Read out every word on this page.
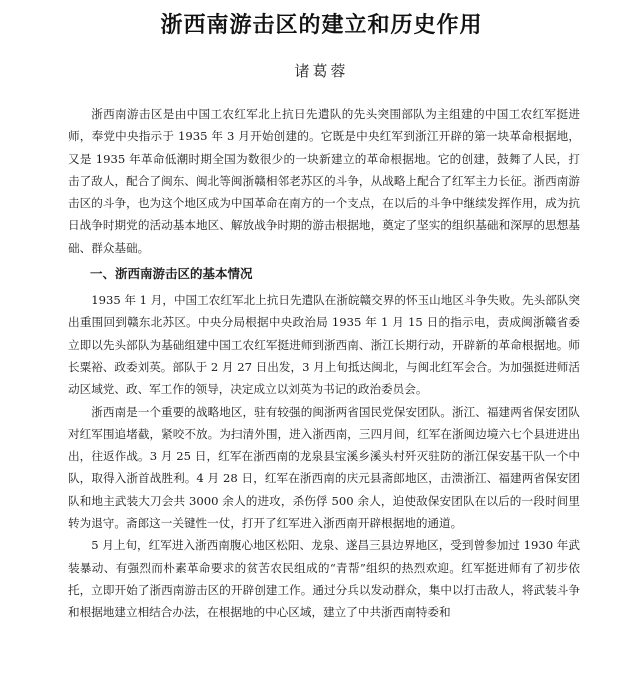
浙西南游击区的建立和历史作用
诸葛蓉

浙西南游击区是由中国工农红军北上抗日先遣队的先头突围部队为主组建的中国工农红军挺进师，奉党中央指示于 1935 年 3 月开始创建的。它既是中央红军到浙江开辟的第一块革命根据地，又是 1935 年革命低潮时期全国为数很少的一块新建立的革命根据地。它的创建，鼓舞了人民，打击了敌人，配合了闽东、闽北等闽浙赣相邻老苏区的斗争，从战略上配合了红军主力长征。浙西南游击区的斗争，也为这个地区成为中国革命在南方的一个支点，在以后的斗争中继续发挥作用，成为抗日战争时期党的活动基本地区、解放战争时期的游击根据地，奠定了坚实的组织基础和深厚的思想基础、群众基础。

一、浙西南游击区的基本情况

1935 年 1 月，中国工农红军北上抗日先遣队在浙皖赣交界的怀玉山地区斗争失败。先头部队突出重围回到赣东北苏区。中央分局根据中央政治局 1935 年 1 月 15 日的指示电，责成闽浙赣省委立即以先头部队为基础组建中国工农红军挺进师到浙西南、浙江长期行动，开辟新的革命根据地。师长粟裕、政委刘英。部队于 2 月 27 日出发，3 月上旬抵达闽北，与闽北红军会合。为加强挺进师活动区域党、政、军工作的领导，决定成立以刘英为书记的政治委员会。

浙西南是一个重要的战略地区，驻有较强的闽浙两省国民党保安团队。浙江、福建两省保安团队对红军围追堵截，紧咬不放。为扫清外围，进入浙西南，三四月间，红军在浙闽边境六七个县进进出出，往返作战。3 月 25 日，红军在浙西南的龙泉县宝溪乡溪头村歼灭驻防的浙江保安基干队一个中队，取得入浙首战胜利。4 月 28 日，红军在浙西南的庆元县斋郎地区，击溃浙江、福建两省保安团队和地主武装大刀会共 3000 余人的进攻，杀伤俘 500 余人，迫使敌保安团队在以后的一段时间里转为退守。斋郎这一关键性一仗，打开了红军进入浙西南开辟根据地的通道。

5 月上旬，红军进入浙西南腹心地区松阳、龙泉、遂昌三县边界地区，受到曾参加过 1930 年武装暴动、有强烈而朴素革命要求的贫苦农民组成的“青帮”组织的热烈欢迎。红军挺进师有了初步依托，立即开始了浙西南游击区的开辟创建工作。通过分兵以发动群众，集中以打击敌人，将武装斗争和根据地建立相结合办法，在根据地的中心区域，建立了中共浙西南特委和
